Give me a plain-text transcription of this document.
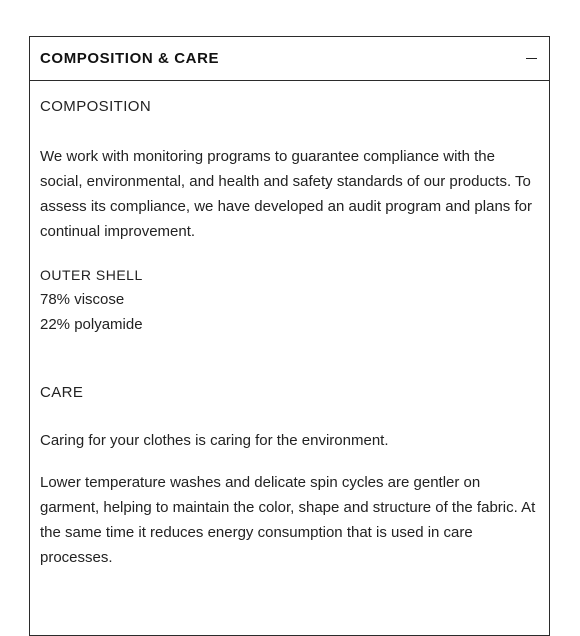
COMPOSITION & CARE
COMPOSITION

We work with monitoring programs to guarantee compliance with the social, environmental, and health and safety standards of our products. To assess its compliance, we have developed an audit program and plans for continual improvement.

OUTER SHELL
78% viscose
22% polyamide
CARE

Caring for your clothes is caring for the environment.

Lower temperature washes and delicate spin cycles are gentler on garment, helping to maintain the color, shape and structure of the fabric. At the same time it reduces energy consumption that is used in care processes.
